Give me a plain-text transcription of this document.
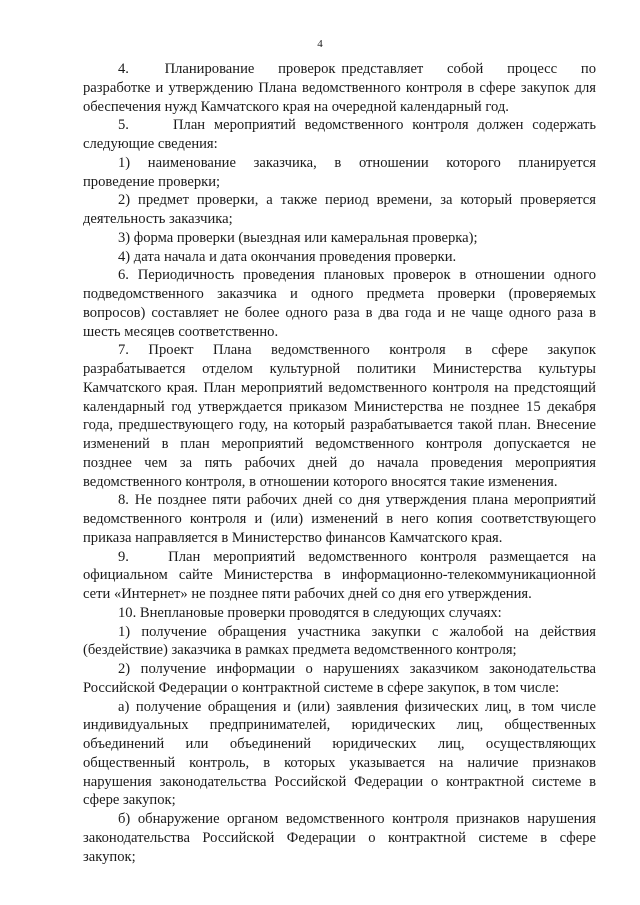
4
4.      Планирование    проверок представляет    собой    процесс    по
разработке и утверждению Плана ведомственного контроля в сфере закупок для
обеспечения нужд Камчатского края на очередной календарный год.
5.     План мероприятий ведомственного контроля должен содержать
следующие сведения:
1)  наименование  заказчика,  в  отношении  которого  планируется
проведение проверки;
2) предмет проверки, а также период времени, за который проверяется
деятельность заказчика;
3) форма проверки (выездная или камеральная проверка);
4) дата начала и дата окончания проведения проверки.
6. Периодичность проведения плановых проверок в отношении одного
подведомственного заказчика и одного предмета проверки (проверяемых
вопросов) составляет не более одного раза в два года и не чаще одного раза в
шесть месяцев соответственно.
7.    Проект    Плана    ведомственного    контроля    в    сфере    закупок
разрабатывается отделом культурной политики Министерства культуры
Камчатского края. План мероприятий ведомственного контроля на предстоящий
календарный год утверждается приказом Министерства не позднее 15 декабря
года, предшествующего году, на который разрабатывается такой план. Внесение
изменений в план мероприятий ведомственного контроля допускается не
позднее чем за пять рабочих дней до начала проведения мероприятия
ведомственного контроля, в отношении которого вносятся такие изменения.
8. Не позднее пяти рабочих дней со дня утверждения плана мероприятий
ведомственного контроля и (или) изменений в него копия соответствующего
приказа направляется в Министерство финансов Камчатского края.
9.   План мероприятий ведомственного контроля размещается на
официальном сайте Министерства в информационно-телекоммуникационной
сети «Интернет» не позднее пяти рабочих дней со дня его утверждения.
10. Внеплановые проверки проводятся в следующих случаях:
1) получение обращения участника закупки с жалобой на действия
(бездействие) заказчика в рамках предмета ведомственного контроля;
2) получение информации о нарушениях заказчиком законодательства
Российской Федерации о контрактной системе в сфере закупок, в том числе:
а) получение обращения и (или) заявления физических лиц, в том числе
индивидуальных    предпринимателей,    юридических    лиц,    общественных
объединений    или    объединений    юридических    лиц,    осуществляющих
общественный контроль, в которых указывается на наличие признаков
нарушения законодательства Российской Федерации о контрактной системе в
сфере закупок;
б) обнаружение органом ведомственного контроля признаков нарушения
законодательства Российской Федерации о контрактной системе в сфере
закупок;
